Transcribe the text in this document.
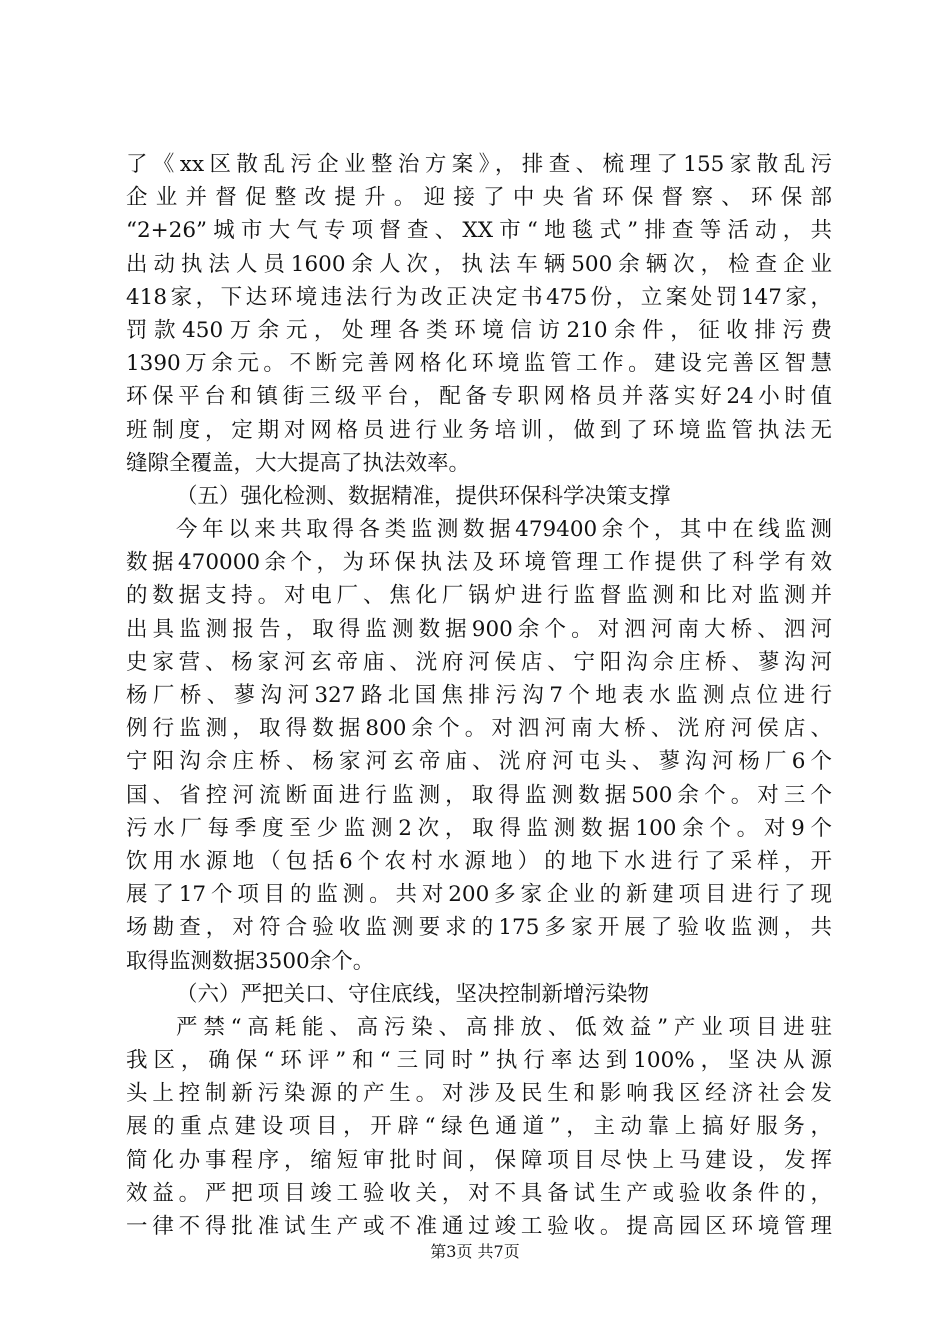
了《xx区散乱污企业整治方案》，排查、梳理了155家散乱污
企业并督促整改提升。迎接了中央省环保督察、环保部
“2+26”城市大气专项督查、XX市“地毯式”排查等活动，共
出动执法人员1600余人次，执法车辆500余辆次，检查企业
418家，下达环境违法行为改正决定书475份，立案处罚147家，
罚款450万余元，处理各类环境信访210余件，征收排污费
1390万余元。不断完善网格化环境监管工作。建设完善区智慧
环保平台和镇街三级平台，配备专职网格员并落实好24小时值
班制度，定期对网格员进行业务培训，做到了环境监管执法无
缝隙全覆盖，大大提高了执法效率。
（五）强化检测、数据精准，提供环保科学决策支撑
今年以来共取得各类监测数据479400余个，其中在线监测
数据470000余个，为环保执法及环境管理工作提供了科学有效
的数据支持。对电厂、焦化厂锅炉进行监督监测和比对监测并
出具监测报告，取得监测数据900余个。对泗河南大桥、泗河
史家营、杨家河玄帝庙、洸府河侯店、宁阳沟佘庄桥、蓼沟河
杨厂桥、蓼沟河327路北国焦排污沟7个地表水监测点位进行
例行监测，取得数据800余个。对泗河南大桥、洸府河侯店、
宁阳沟佘庄桥、杨家河玄帝庙、洸府河屯头、蓼沟河杨厂6个
国、省控河流断面进行监测，取得监测数据500余个。对三个
污水厂每季度至少监测2次，取得监测数据100余个。对9个
饮用水源地（包括6个农村水源地）的地下水进行了采样，开
展了17个项目的监测。共对200多家企业的新建项目进行了现
场勘查，对符合验收监测要求的175多家开展了验收监测，共
取得监测数据3500余个。
（六）严把关口、守住底线，坚决控制新增污染物
严禁“高耗能、高污染、高排放、低效益”产业项目进驻
我区，确保“环评”和“三同时”执行率达到100%，坚决从源
头上控制新污染源的产生。对涉及民生和影响我区经济社会发
展的重点建设项目，开辟“绿色通道”，主动靠上搞好服务，
简化办事程序，缩短审批时间，保障项目尽快上马建设，发挥
效益。严把项目竣工验收关，对不具备试生产或验收条件的，
一律不得批准试生产或不准通过竣工验收。提高园区环境管理
第3页 共7页
